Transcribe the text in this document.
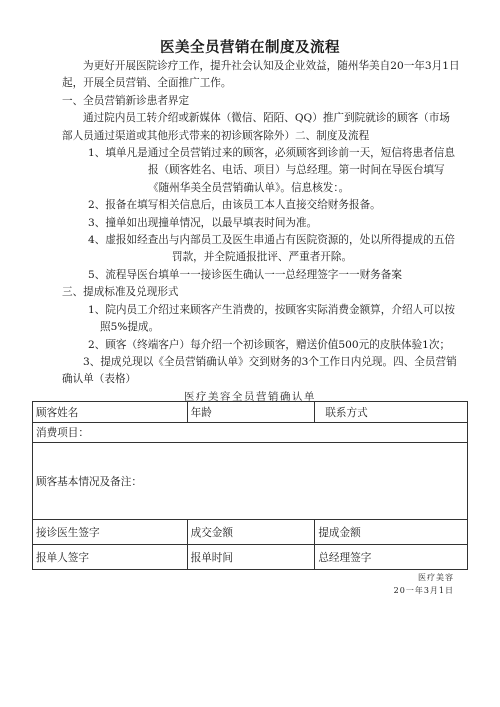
医美全员营销在制度及流程

为更好开展医院诊疗工作，提升社会认知及企业效益，随州华美自20一年3月1日起，开展全员营销、全面推广工作。

一、全员营销新诊患者界定

通过院内员工转介绍或新媒体（微信、陌陌、QQ）推广到院就诊的顾客（市场部人员通过渠道或其他形式带来的初诊顾客除外）二、制度及流程

1、填单凡是通过全员营销过来的顾客，必须顾客到诊前一天，短信将患者信息报（顾客姓名、电话、项目）与总经理。第一时间在导医台填写《随州华美全员营销确认单》。信息核发：。

2、报备在填写相关信息后，由该员工本人直接交给财务报备。

3、撞单如出现撞单情况，以最早填表时间为准。

4、虚报如经查出与内部员工及医生串通占有医院资源的，处以所得提成的五倍罚款，并全院通报批评、严重者开除。

5、流程导医台填单一一接诊医生确认一一总经理签字一一财务备案

三、提成标准及兑现形式

1、院内员工介绍过来顾客产生消费的，按顾客实际消费金额算，介绍人可以按照5%提成。

2、顾客（终端客户）每介绍一个初诊顾客，赠送价值500元的皮肤体验1次；

3、提成兑现以《全员营销确认单》交到财务的3个工作日内兑现。四、全员营销确认单（表格）

医疗美容全员营销确认单
顾客姓名	年龄	联系方式
消费项目：		
顾客基本情况及备注：		
接诊医生签字	成交金额	提成金额
报单人签字	报单时间	总经理签字
医疗美容
20一年3月1日
